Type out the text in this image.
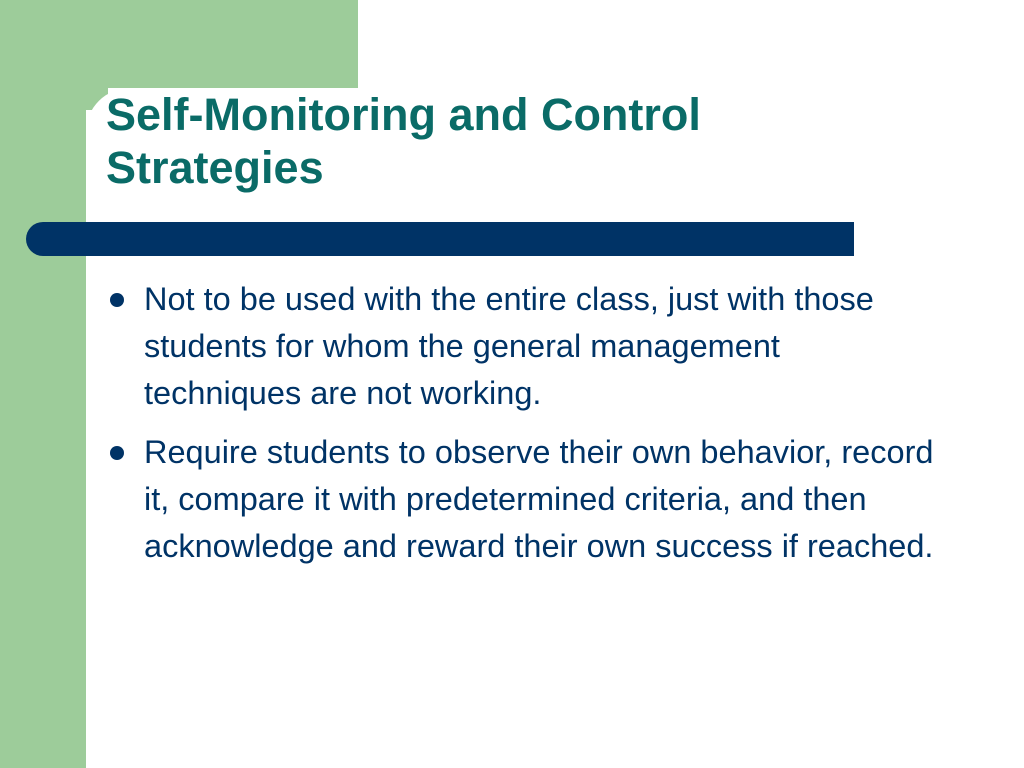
Self-Monitoring and Control Strategies
Not to be used with the entire class, just with those students for whom the general management techniques are not working.
Require students to observe their own behavior, record it, compare it with predetermined criteria, and then acknowledge and reward their own success if reached.
